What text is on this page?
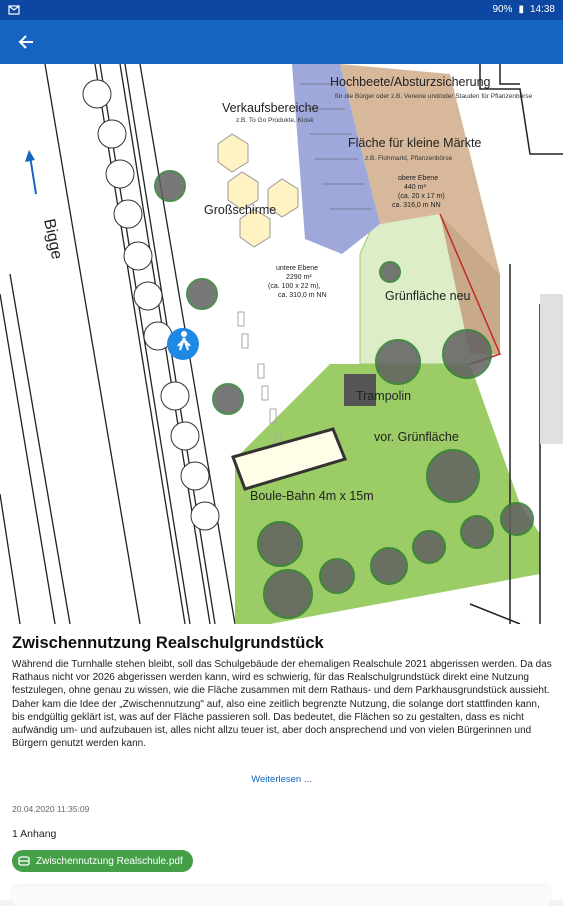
90% ▮ 14:38
Hochbeete/Absturzsicherung
für die Bürger oder z.B. Vereine und/oder Stauden für Pflanzenbörse
Verkaufsbereiche
z.B. To Go Produkte, Kiosk
Fläche für kleine Märkte
z.B. Flohmarkt, Pflanzenbörse
obere Ebene
440 m²
(ca. 20 x 17 m)
ca. 316,0 m NN
Großschirme
untere Ebene
2290 m²
(ca. 100 x 22 m),
ca. 310,0 m NN	Grünfläche neu
Trampolin
vor. Grünfläche
Boule-Bahn 4m x 15m
Bigge
Zwischennutzung Realschulgrundstück
Während die Turnhalle stehen bleibt, soll das Schulgebäude der ehemaligen Realschule 2021 abgerissen werden. Da das Rathaus nicht vor 2026 abgerissen werden kann, wird es schwierig, für das Realschulgrundstück direkt eine Nutzung festzulegen, ohne genau zu wissen, wie die Fläche zusammen mit dem Rathaus- und dem Parkhausgrundstück aussieht. Daher kam die Idee der „Zwischennutzung" auf, also eine zeitlich begrenzte Nutzung, die solange dort stattfinden kann, bis endgültig geklärt ist, was auf der Fläche passieren soll. Das bedeutet, die Flächen so zu gestalten, dass es nicht aufwändig um- und aufzubauen ist, alles nicht allzu teuer ist, aber doch ansprechend und von vielen Bürgerinnen und Bürgern genutzt werden kann.
Weiterlesen ...
20.04.2020 11:35:09
1 Anhang
Zwischennutzung Realschule.pdf
